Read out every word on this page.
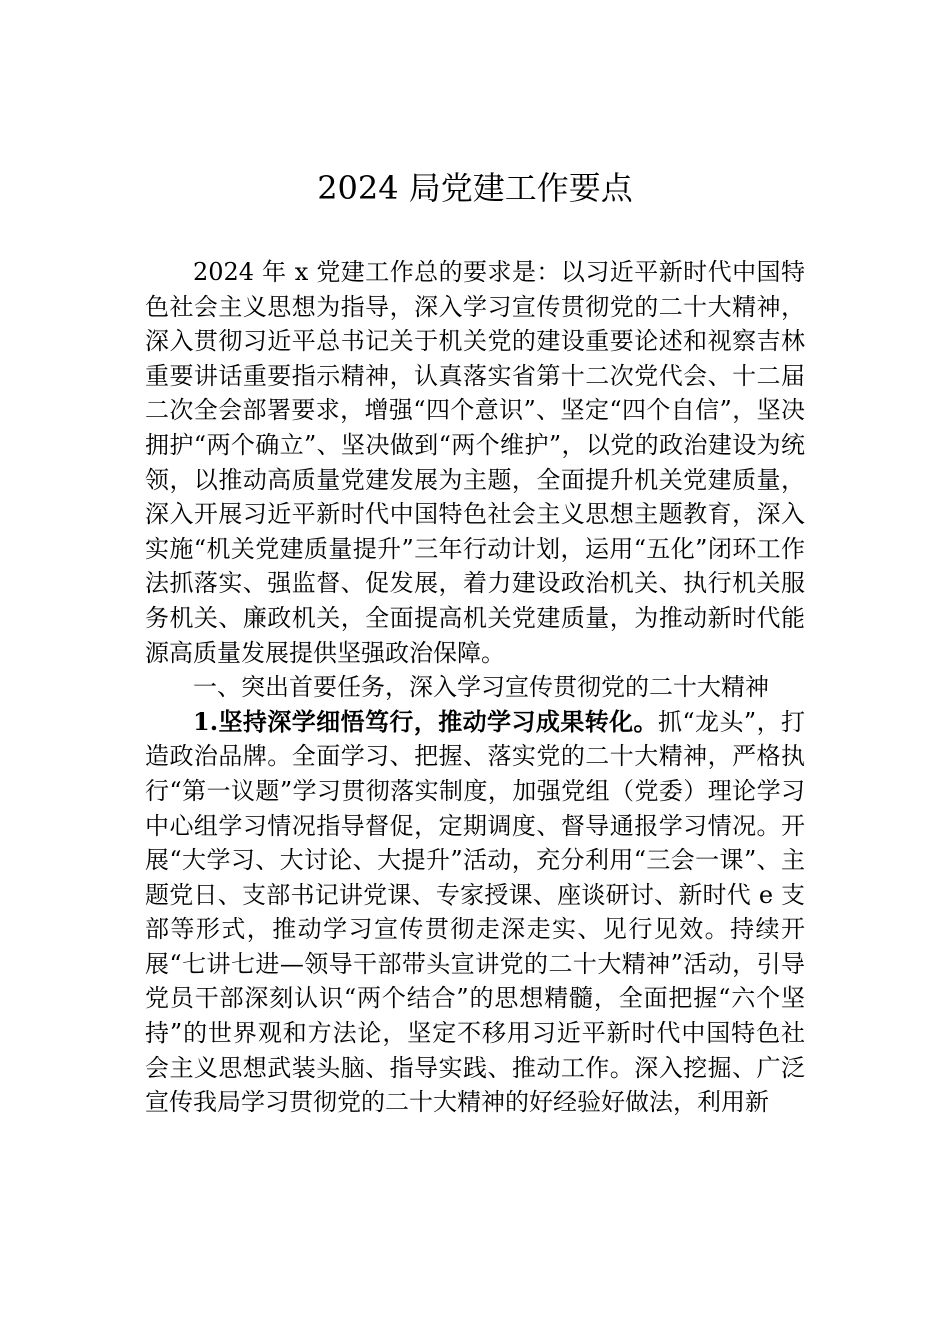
2024 局党建工作要点

2024 年 x 党建工作总的要求是：以习近平新时代中国特色社会主义思想为指导，深入学习宣传贯彻党的二十大精神，深入贯彻习近平总书记关于机关党的建设重要论述和视察吉林重要讲话重要指示精神，认真落实省第十二次党代会、十二届二次全会部署要求，增强“四个意识”、坚定“四个自信”，坚决拥护“两个确立”、坚决做到“两个维护”，以党的政治建设为统领，以推动高质量党建发展为主题，全面提升机关党建质量，深入开展习近平新时代中国特色社会主义思想主题教育，深入实施“机关党建质量提升”三年行动计划，运用“五化”闭环工作法抓落实、强监督、促发展，着力建设政治机关、执行机关服务机关、廉政机关，全面提高机关党建质量，为推动新时代能源高质量发展提供坚强政治保障。

一、突出首要任务，深入学习宣传贯彻党的二十大精神

1.坚持深学细悟笃行，推动学习成果转化。抓“龙头”，打造政治品牌。全面学习、把握、落实党的二十大精神，严格执行“第一议题”学习贯彻落实制度，加强党组（党委）理论学习中心组学习情况指导督促，定期调度、督导通报学习情况。开展“大学习、大讨论、大提升”活动，充分利用“三会一课”、主题党日、支部书记讲党课、专家授课、座谈研讨、新时代 e 支部等形式，推动学习宣传贯彻走深走实、见行见效。持续开展“七讲七进—领导干部带头宣讲党的二十大精神”活动，引导党员干部深刻认识“两个结合”的思想精髓，全面把握“六个坚持”的世界观和方法论，坚定不移用习近平新时代中国特色社会主义思想武装头脑、指导实践、推动工作。深入挖掘、广泛宣传我局学习贯彻党的二十大精神的好经验好做法，利用新
